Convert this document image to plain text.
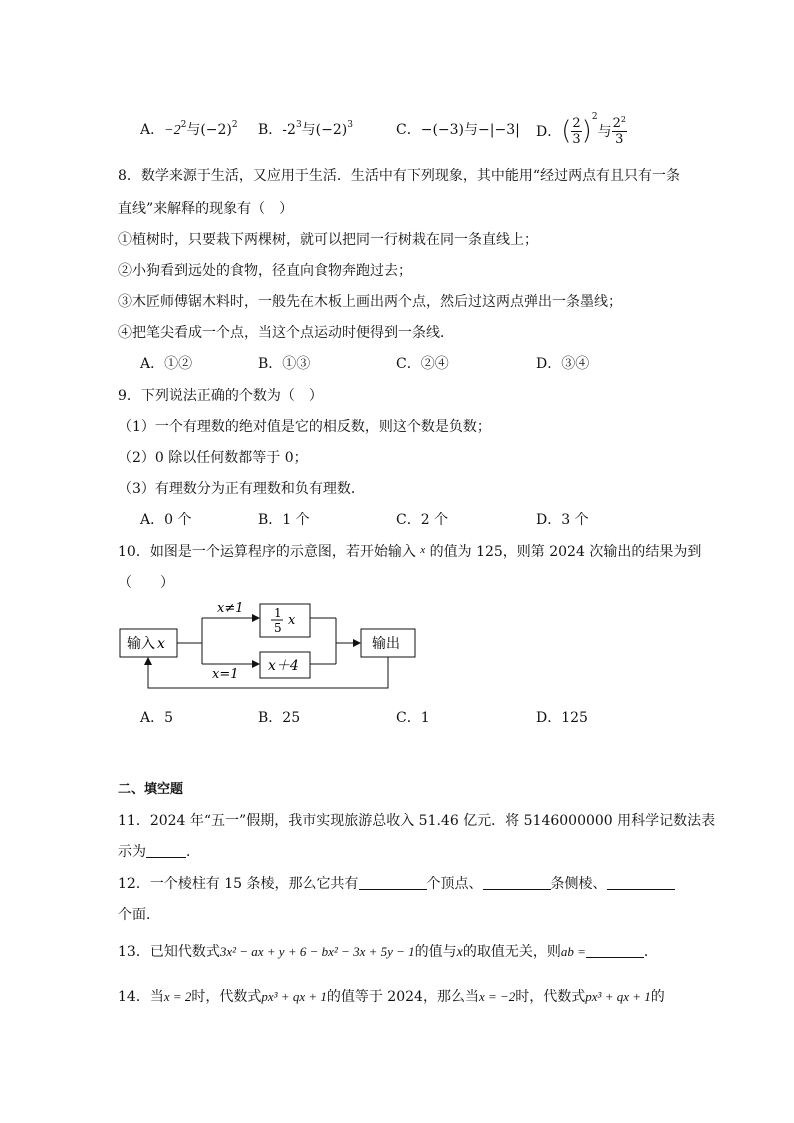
A．$-2^2$与$(-2)^2$ B．$-2^3$与$(-2)^3$	C．−(−3)与−|−3| D．( $\frac{2}{3} )^2$与 $\frac{2^2}{3}$
8．数学来源于生活，又应用于生活．生活中有下列现象，其中能用“经过两点有且只有一条
直线”来解释的现象有（　）
①植树时，只要栽下两棵树，就可以把同一行树栽在同一条直线上；
②小狗看到远处的食物，径直向食物奔跑过去；
③木匠师傅锯木料时，一般先在木板上画出两个点，然后过这两点弹出一条墨线；
④把笔尖看成一个点，当这个点运动时便得到一条线．
A．①②	B．①③	C．②④	D．③④
9．下列说法正确的个数为（　）
（1）一个有理数的绝对值是它的相反数，则这个数是负数；
（2）0 除以任何数都等于 0；
（3）有理数分为正有理数和负有理数．
A．0 个	B．1 个	C．2 个	D．3 个
10．如图是一个运算程序的示意图，若开始输入 $^x$ 的值为 125，则第 2024 次输出的结果为到
（　　）
输入 x
x≠1
x=1
1
5 x
x＋4
输出
A．5	B．25	C．1	D．125
二、填空题
11．2024 年“五一”假期，我市实现旅游总收入 51.46 亿元．将 5146000000 用科学记数法表
示为	．
12．一个棱柱有 15 条棱，那么它共有	个顶点、	条侧棱、
个面．
13．已知代数式3x² − ax + y + 6 − bx² − 3x + 5y − 1的值与x的取值无关，则ab =	．
14．当x = 2时，代数式px³ + qx + 1的值等于 2024，那么当x = −2时，代数式px³ + qx + 1的
